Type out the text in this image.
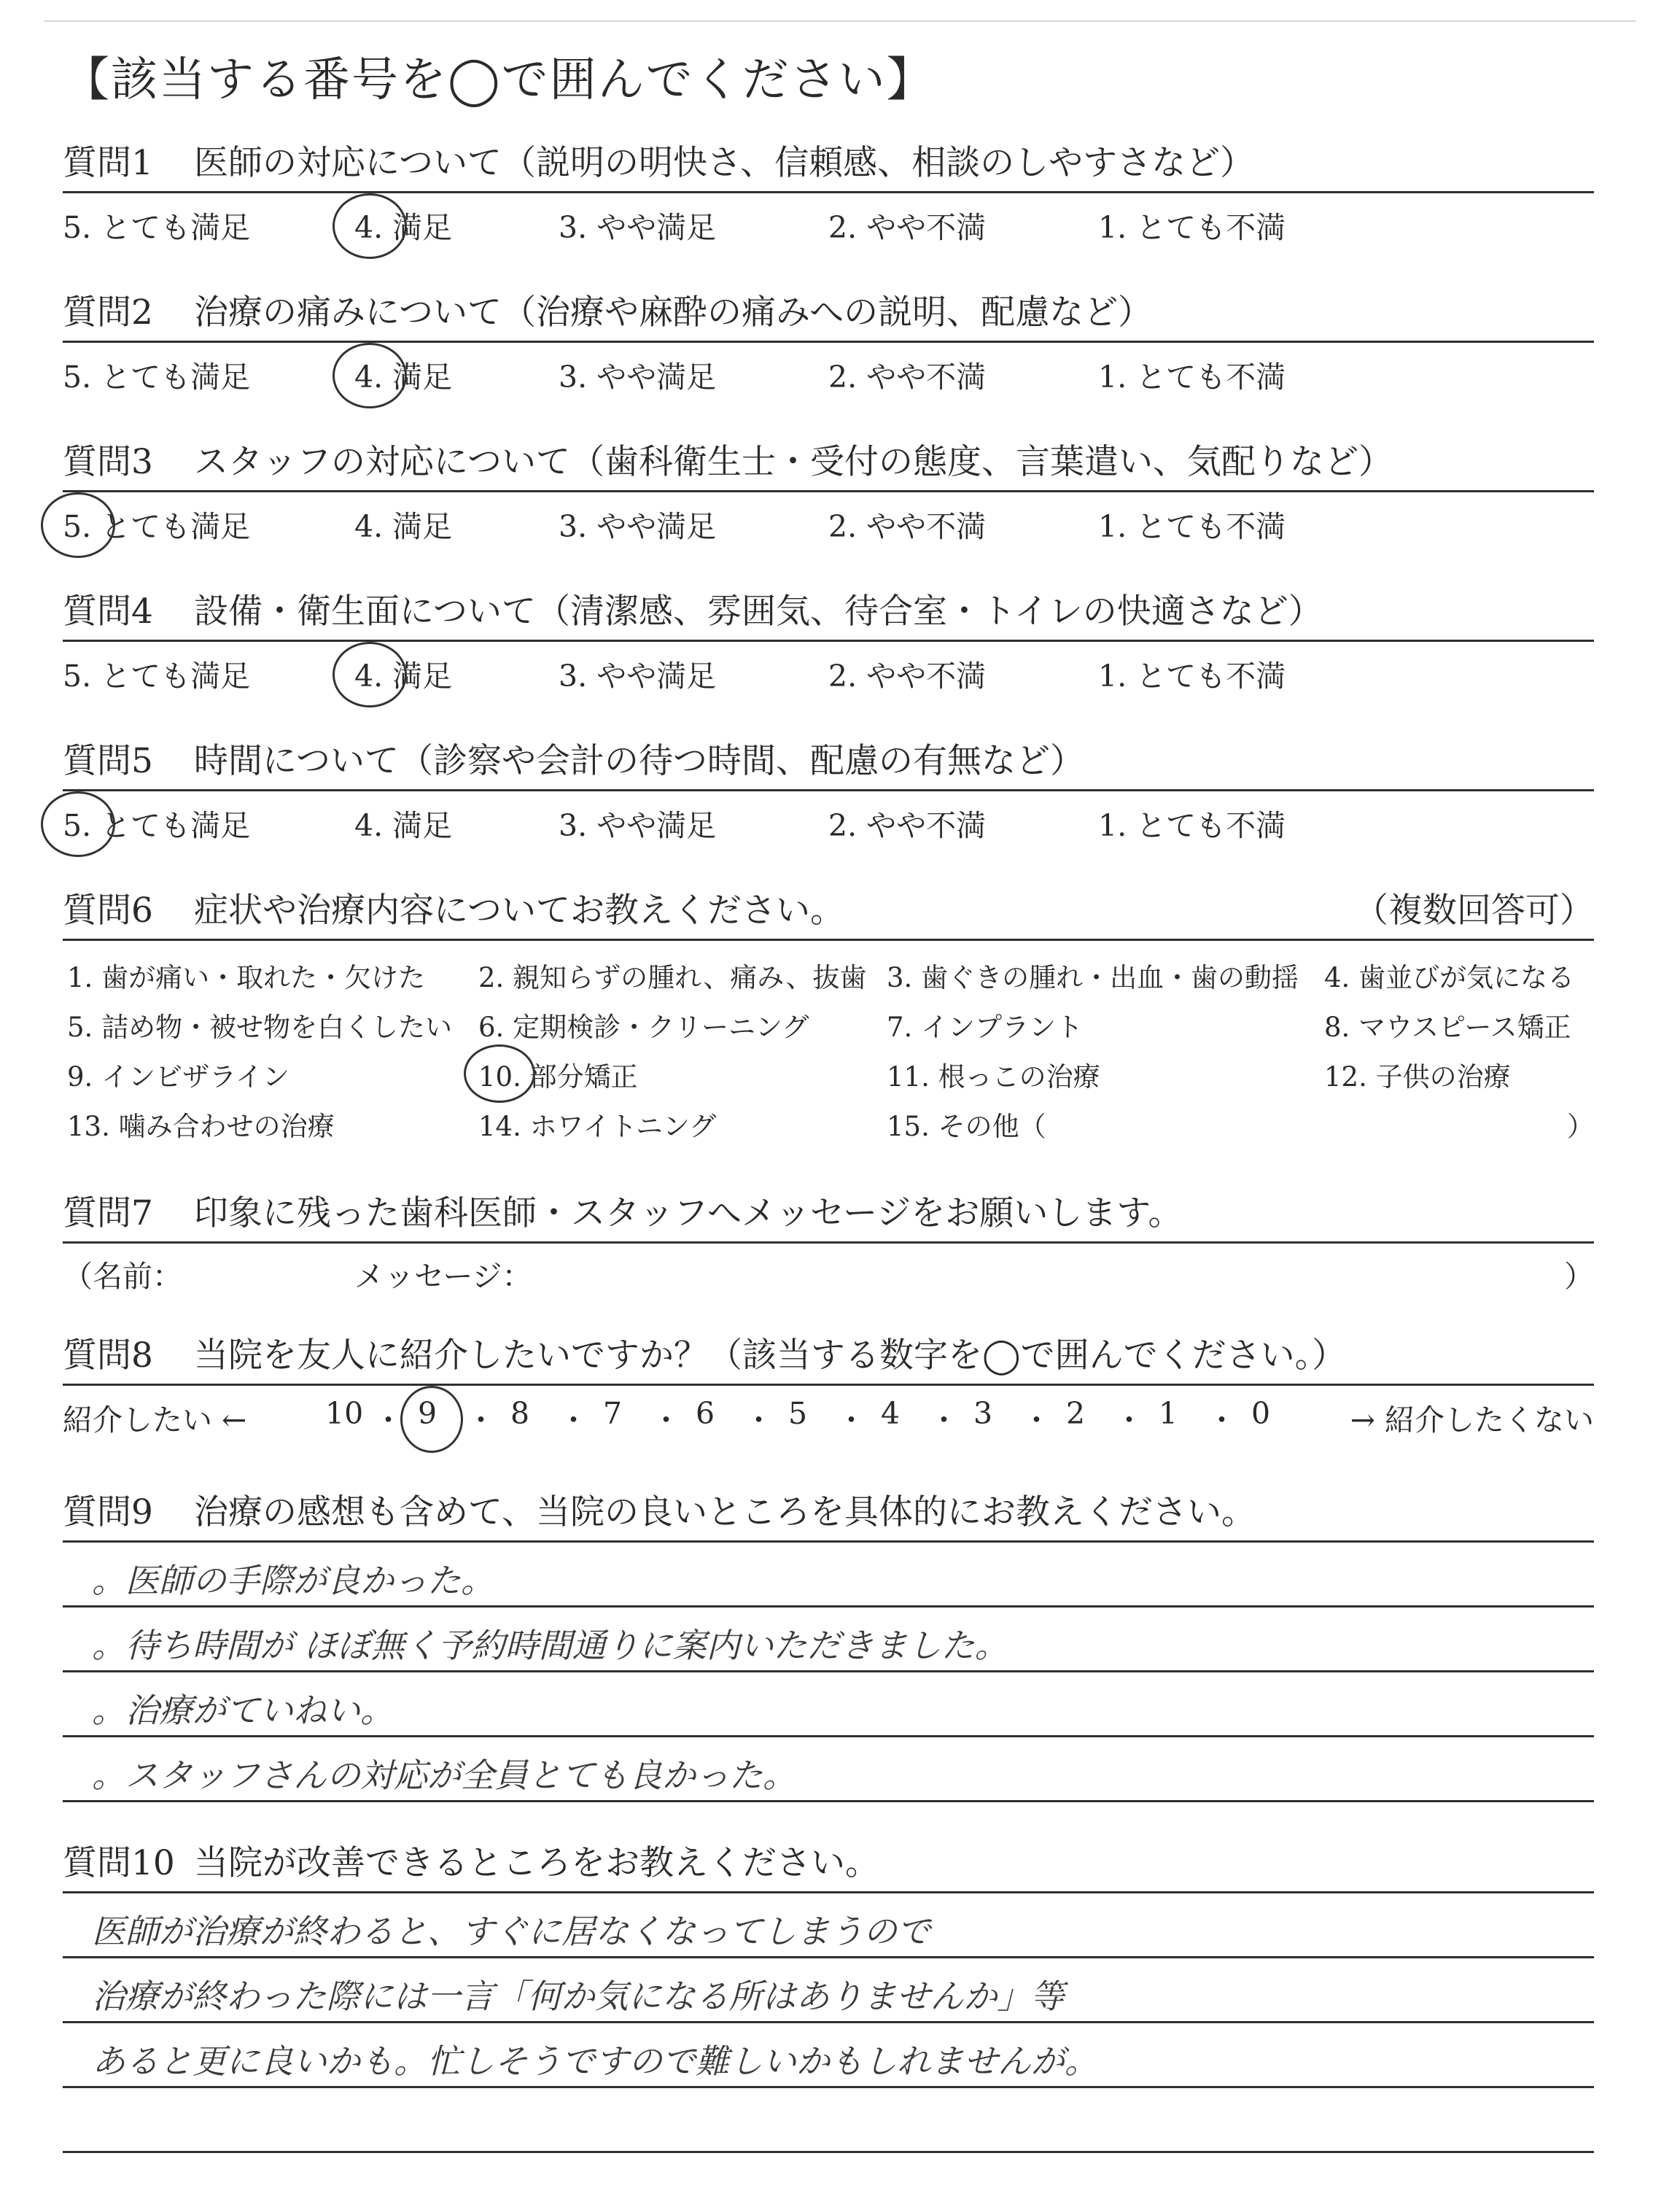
【該当する番号を◯で囲んでください】
質問1 医師の対応について（説明の明快さ、信頼感、相談のしやすさなど）
5. とても満足	4. 満足	3. やや満足	2. やや不満	1. とても不満
質問2 治療の痛みについて（治療や麻酔の痛みへの説明、配慮など）
5. とても満足	4. 満足	3. やや満足	2. やや不満	1. とても不満
質問3 スタッフの対応について（歯科衛生士・受付の態度、言葉遣い、気配りなど）
5. とても満足	4. 満足	3. やや満足	2. やや不満	1. とても不満
質問4 設備・衛生面について（清潔感、雰囲気、待合室・トイレの快適さなど）
5. とても満足	4. 満足	3. やや満足	2. やや不満	1. とても不満
質問5 時間について（診察や会計の待つ時間、配慮の有無など）
5. とても満足	4. 満足	3. やや満足	2. やや不満	1. とても不満
質問6 症状や治療内容についてお教えください。	（複数回答可）
1. 歯が痛い・取れた・欠けた 2. 親知らずの腫れ、痛み、抜歯 3. 歯ぐきの腫れ・出血・歯の動揺 4. 歯並びが気になる
5. 詰め物・被せ物を白くしたい 6. 定期検診・クリーニング	7. インプラント	8. マウスピース矯正
9. インビザライン	10. 部分矯正	11. 根っこの治療	12. 子供の治療
13. 噛み合わせの治療	14. ホワイトニング	15. その他（	）
質問7 印象に残った歯科医師・スタッフへメッセージをお願いします。
（名前：	メッセージ：	）
質問8 当院を友人に紹介したいですか？（該当する数字を◯で囲んでください。）
紹介したい ←	→ 紹介したくない
10 ・ 9 ・ 8 ・ 7 ・ 6 ・ 5 ・ 4 ・ 3 ・ 2 ・ 1 ・ 0
質問9 治療の感想も含めて、当院の良いところを具体的にお教えください。
。医師の手際が良かった。
。待ち時間が ほぼ無く予約時間通りに案内いただきました。
。治療がていねい。
。スタッフさんの対応が全員とても良かった。
質問10 当院が改善できるところをお教えください。
医師が治療が終わると、すぐに居なくなってしまうので
治療が終わった際には一言「何か気になる所はありませんか」等
あると更に良いかも。忙しそうですので難しいかもしれませんが。
